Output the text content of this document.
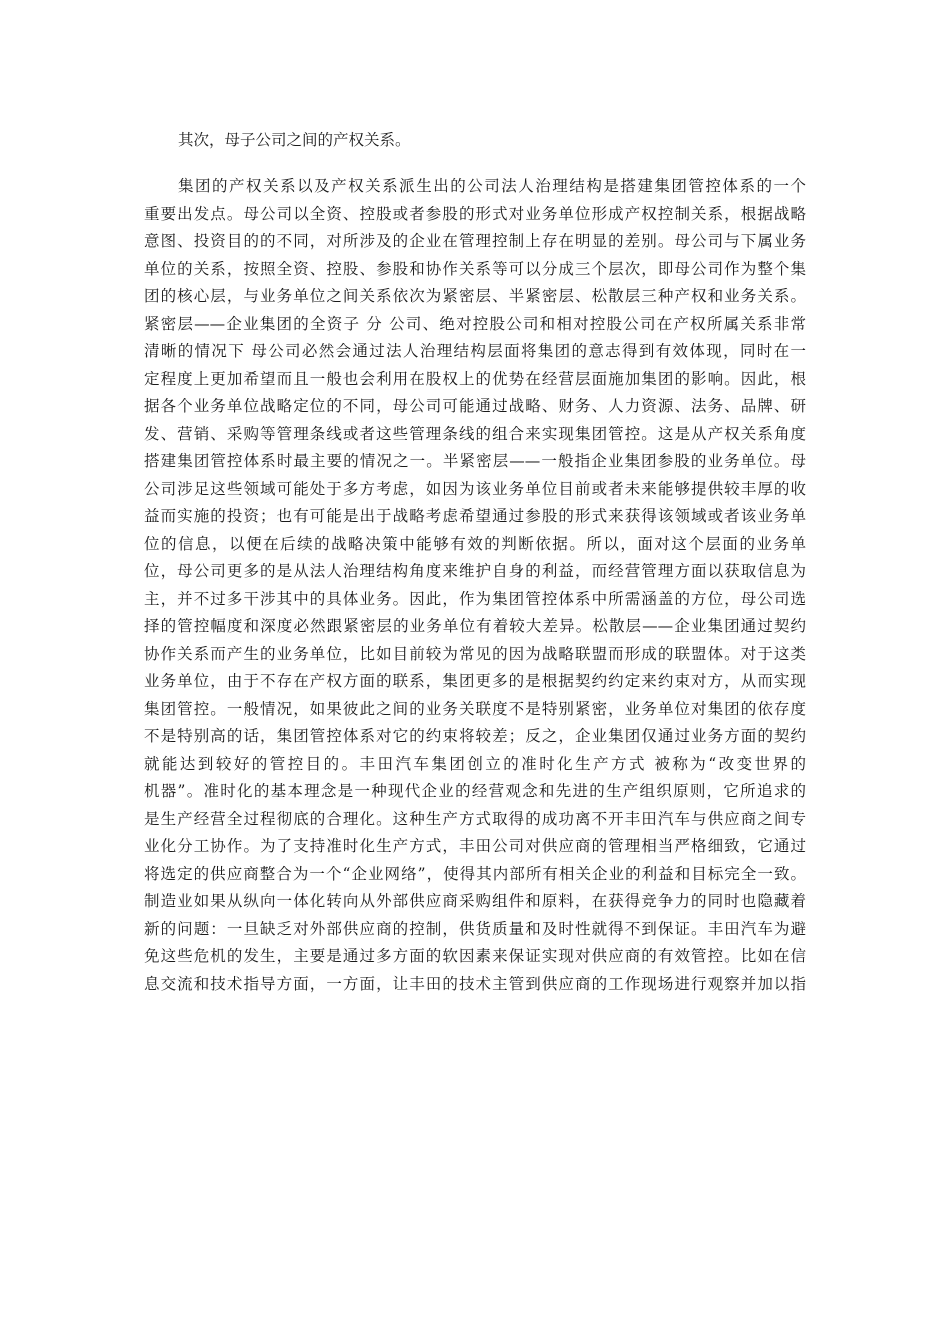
其次，母子公司之间的产权关系。
集团的产权关系以及产权关系派生出的公司法人治理结构是搭建集团管控体系的一个
重要出发点。母公司以全资、控股或者参股的形式对业务单位形成产权控制关系，根据战略
意图、投资目的的不同，对所涉及的企业在管理控制上存在明显的差别。母公司与下属业务
单位的关系，按照全资、控股、参股和协作关系等可以分成三个层次，即母公司作为整个集
团的核心层，与业务单位之间关系依次为紧密层、半紧密层、松散层三种产权和业务关系。
紧密层——企业集团的全资子 分 公司、绝对控股公司和相对控股公司在产权所属关系非常
清晰的情况下 母公司必然会通过法人治理结构层面将集团的意志得到有效体现，同时在一
定程度上更加希望而且一般也会利用在股权上的优势在经营层面施加集团的影响。因此，根
据各个业务单位战略定位的不同，母公司可能通过战略、财务、人力资源、法务、品牌、研
发、营销、采购等管理条线或者这些管理条线的组合来实现集团管控。这是从产权关系角度
搭建集团管控体系时最主要的情况之一。半紧密层——一般指企业集团参股的业务单位。母
公司涉足这些领域可能处于多方考虑，如因为该业务单位目前或者未来能够提供较丰厚的收
益而实施的投资；也有可能是出于战略考虑希望通过参股的形式来获得该领域或者该业务单
位的信息，以便在后续的战略决策中能够有效的判断依据。所以，面对这个层面的业务单
位，母公司更多的是从法人治理结构角度来维护自身的利益，而经营管理方面以获取信息为
主，并不过多干涉其中的具体业务。因此，作为集团管控体系中所需涵盖的方位，母公司选
择的管控幅度和深度必然跟紧密层的业务单位有着较大差异。松散层——企业集团通过契约
协作关系而产生的业务单位，比如目前较为常见的因为战略联盟而形成的联盟体。对于这类
业务单位，由于不存在产权方面的联系，集团更多的是根据契约约定来约束对方，从而实现
集团管控。一般情况，如果彼此之间的业务关联度不是特别紧密，业务单位对集团的依存度
不是特别高的话，集团管控体系对它的约束将较差；反之，企业集团仅通过业务方面的契约
就能达到较好的管控目的。丰田汽车集团创立的准时化生产方式 被称为“改变世界的
机器”。准时化的基本理念是一种现代企业的经营观念和先进的生产组织原则，它所追求的
是生产经营全过程彻底的合理化。这种生产方式取得的成功离不开丰田汽车与供应商之间专
业化分工协作。为了支持准时化生产方式，丰田公司对供应商的管理相当严格细致，它通过
将选定的供应商整合为一个“企业网络”，使得其内部所有相关企业的利益和目标完全一致。
制造业如果从纵向一体化转向从外部供应商采购组件和原料，在获得竞争力的同时也隐藏着
新的问题：一旦缺乏对外部供应商的控制，供货质量和及时性就得不到保证。丰田汽车为避
免这些危机的发生，主要是通过多方面的软因素来保证实现对供应商的有效管控。比如在信
息交流和技术指导方面，一方面，让丰田的技术主管到供应商的工作现场进行观察并加以指
